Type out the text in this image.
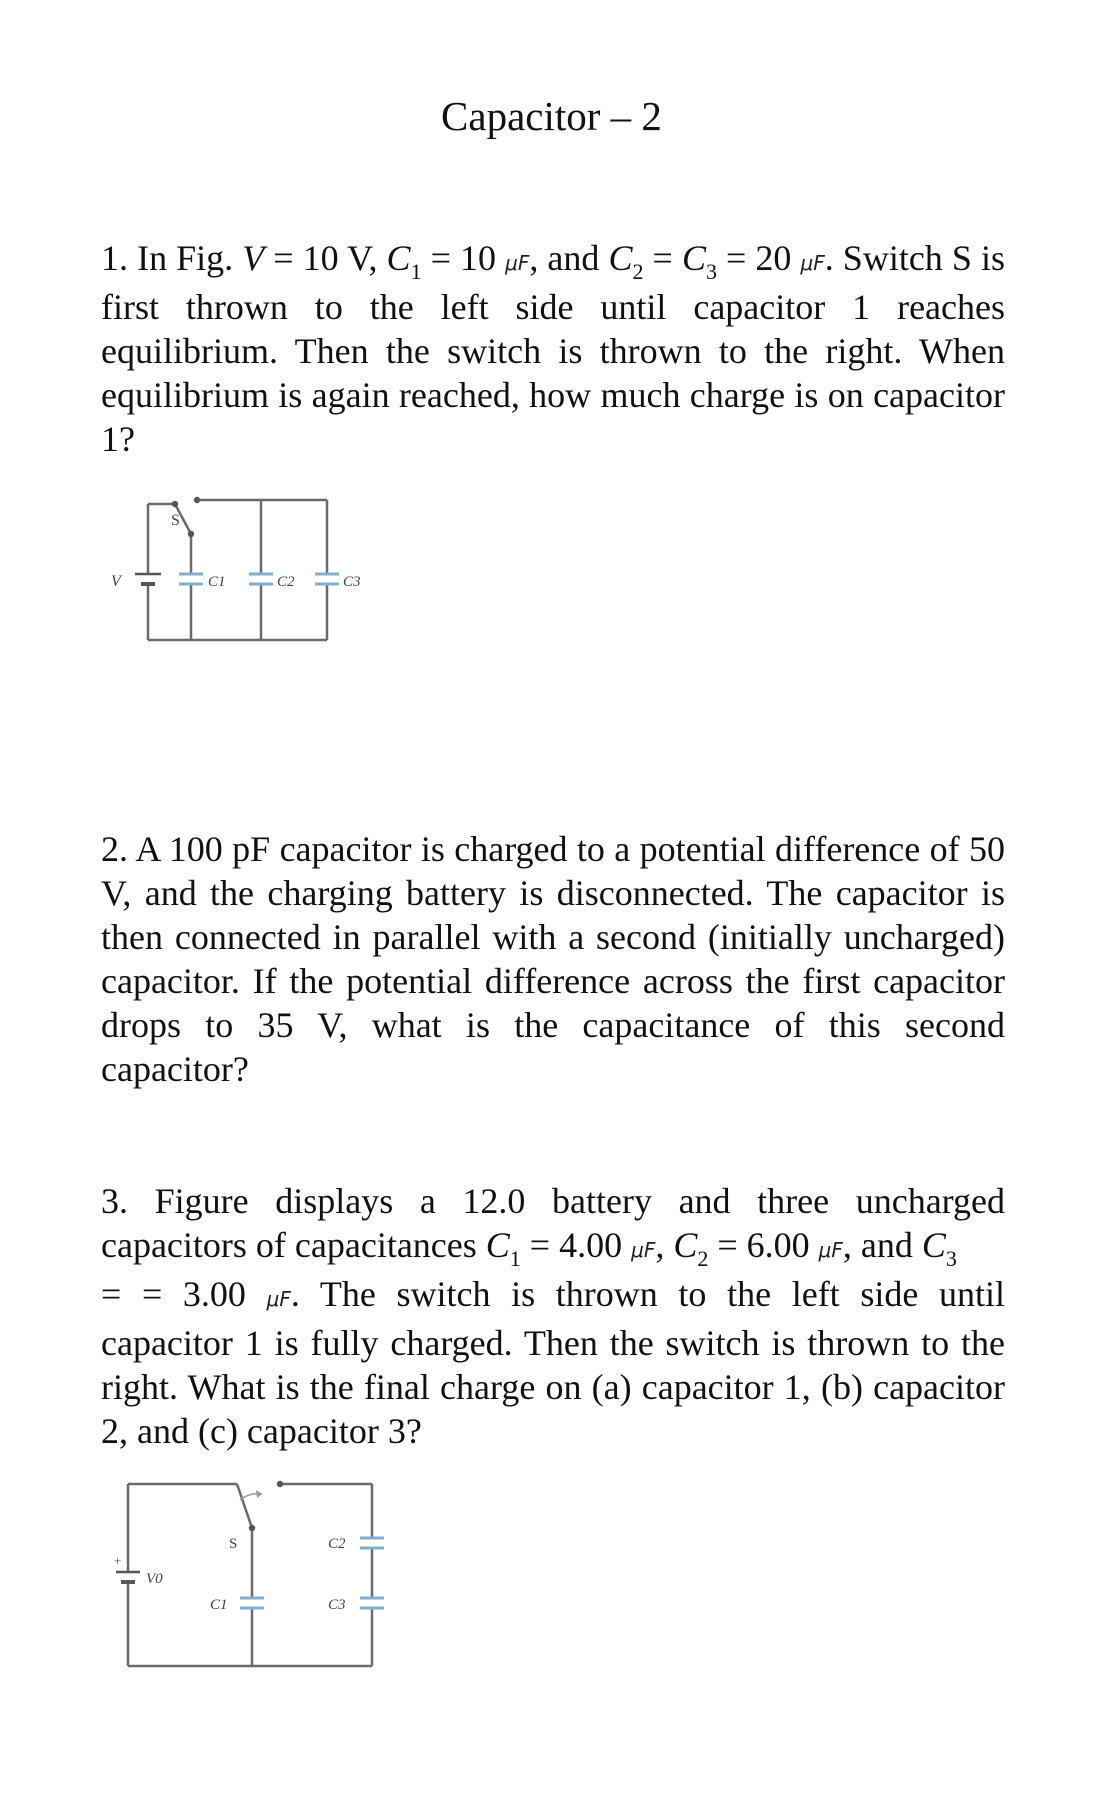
Capacitor – 2
1. In Fig. V = 10 V, $C_1 = 10$ μF, and $C_2 = C_3 = 20$ μF. Switch S is first thrown to the left side until capacitor 1 reaches equilibrium. Then the switch is thrown to the right. When equilibrium is again reached, how much charge is on capacitor 1?
S
V	C1	C2	C3
2. A 100 pF capacitor is charged to a potential difference of 50 V, and the charging battery is disconnected. The capacitor is then connected in parallel with a second (initially uncharged) capacitor. If the potential difference across the first capacitor drops to 35 V, what is the capacitance of this second capacitor?
3. Figure displays a 12.0 battery and three uncharged capacitors of capacitances $C_1 = 4.00$ μF, $C_2 = 6.00$ μF, and $C_3$
= = 3.00 μF. The switch is thrown to the left side until capacitor 1 is fully charged. Then the switch is thrown to the right. What is the final charge on (a) capacitor 1, (b) capacitor 2, and (c) capacitor 3?
S
+
V0
C1
C2
C3
